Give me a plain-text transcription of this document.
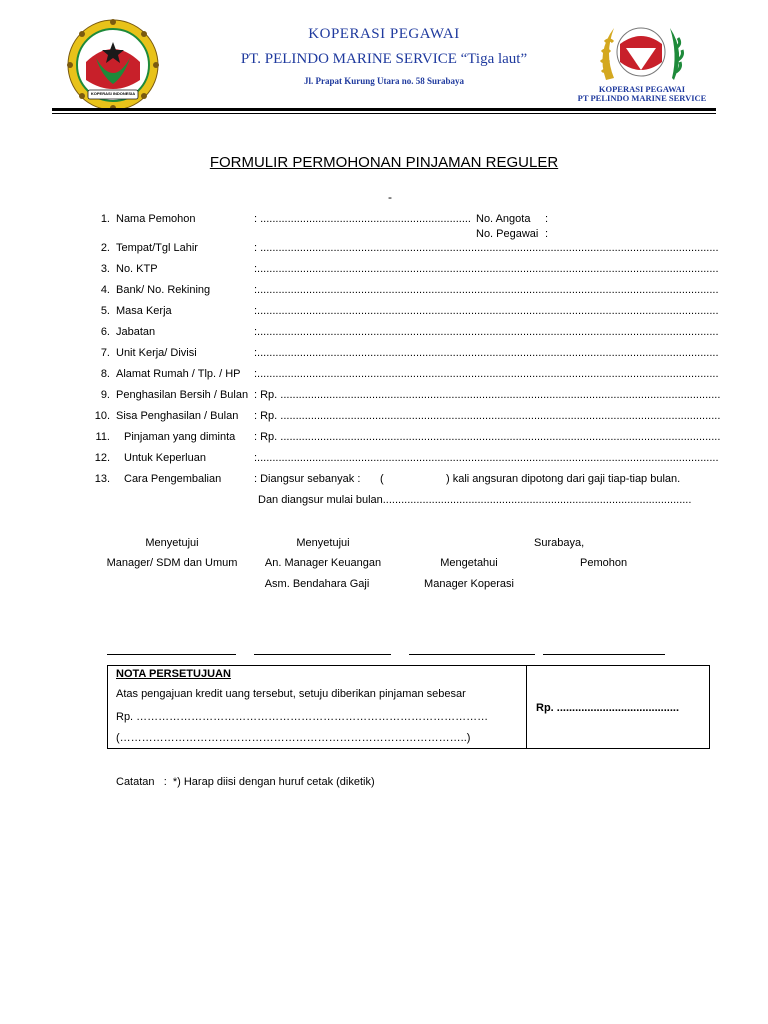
KOPERASI INDONESIA
KOPERASI PEGAWAI
PT. PELINDO MARINE SERVICE “Tiga laut”
Jl. Prapat Kurung Utara no. 58 Surabaya
KOPERASI PEGAWAI
PT PELINDO MARINE SERVICE
FORMULIR PERMOHONAN PINJAMAN REGULER
-
1. Nama Pemohon	: ..................................................................... No. Angota :
No. Pegawai :
2. Tempat/Tgl Lahir	: ......................................................................................................................................................
3. No. KTP	:.......................................................................................................................................................
4. Bank/ No. Rekining	:.......................................................................................................................................................
5. Masa Kerja	:.......................................................................................................................................................
6. Jabatan	:.......................................................................................................................................................
7. Unit Kerja/ Divisi	:.......................................................................................................................................................
8. Alamat Rumah / Tlp. / HP :.......................................................................................................................................................
9. Penghasilan Bersih / Bulan : Rp. ................................................................................................................................................
10. Sisa Penghasilan / Bulan : Rp. ................................................................................................................................................
11. Pinjaman yang diminta : Rp. ................................................................................................................................................
12. Untuk Keperluan	:.......................................................................................................................................................
13. Cara Pengembalian	: Diangsur sebanyak : (	) kali angsuran dipotong dari gaji tiap-tiap bulan.
Dan diangsur mulai bulan.....................................................................................................
Menyetujui
Manager/ SDM dan Umum
Menyetujui
An. Manager Keuangan
Asm. Bendahara Gaji
Mengetahui
Manager Koperasi
Surabaya,
Pemohon
NOTA PERSETUJUAN
Atas pengajuan kredit uang tersebut, setuju diberikan pinjaman sebesar
Rp. ……………………………………………………………………………………
(…………………………………………………………………………………..)
Rp. ........................................
Catatan   :  *) Harap diisi dengan huruf cetak (diketik)
